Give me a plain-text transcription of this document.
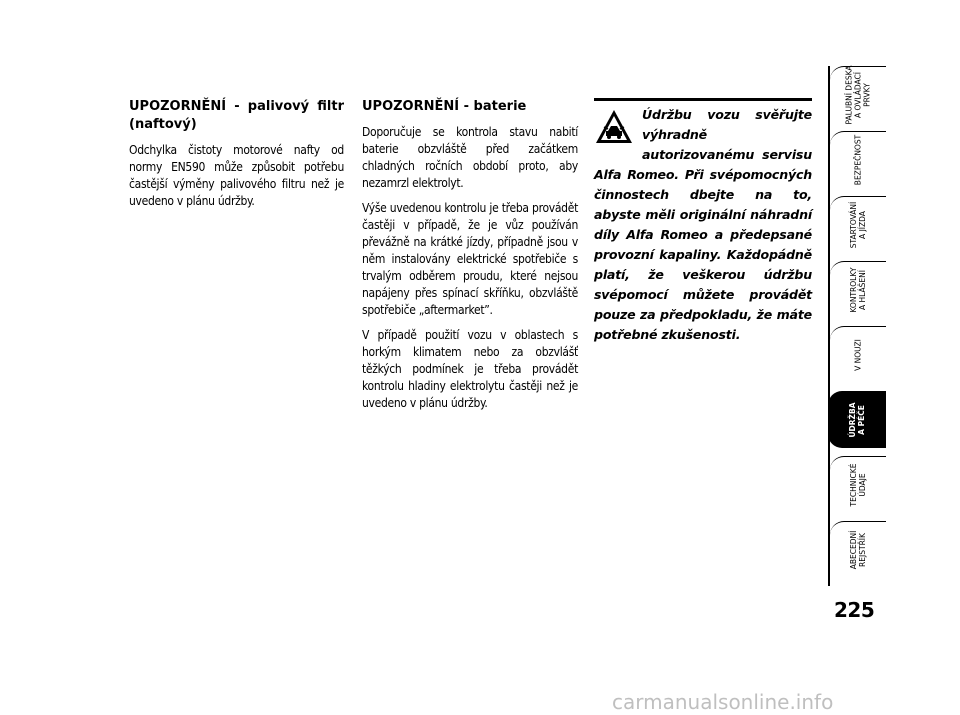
UPOZORNĚNÍ - palivový filtr (naftový)

Odchylka čistoty motorové nafty od normy EN590 může způsobit potřebu častější výměny palivového filtru než je uvedeno v plánu údržby.

UPOZORNĚNÍ - baterie

Doporučuje se kontrola stavu nabití baterie obzvláště před začátkem chladných ročních období proto, aby nezamrzl elektrolyt.

Výše uvedenou kontrolu je třeba provádět častěji v případě, že je vůz používán převážně na krátké jízdy, případně jsou v něm instalovány elektrické spotřebiče s trvalým odběrem proudu, které nejsou napájeny přes spínací skříňku, obzvláště spotřebiče „aftermarket”.

V případě použití vozu v oblastech s horkým klimatem nebo za obzvlášť těžkých podmínek je třeba provádět kontrolu hladiny elektrolytu častěji než je uvedeno v plánu údržby.

Údržbu vozu svěřujte výhradně autorizovanému servisu Alfa Romeo. Při svépomocných činnostech dbejte na to, abyste měli originální náhradní díly Alfa Romeo a předepsané provozní kapaliny. Každopádně platí, že veškerou údržbu svépomocí můžete provádět pouze za předpokladu, že máte potřebné zkušenosti.

PALUBNÍ DESKA
A OVLÁDACÍ PRVKY
BEZPEČNOST
STARTOVÁNÍ
A JÍZDA
KONTROLKY
A HLÁŠENÍ
V NOUZI
ÚDRŽBA
A PÉČE
TECHNICKÉ ÚDAJE
ABECEDNÍ
REJSTŘÍK
225
carmanualsonline.info
